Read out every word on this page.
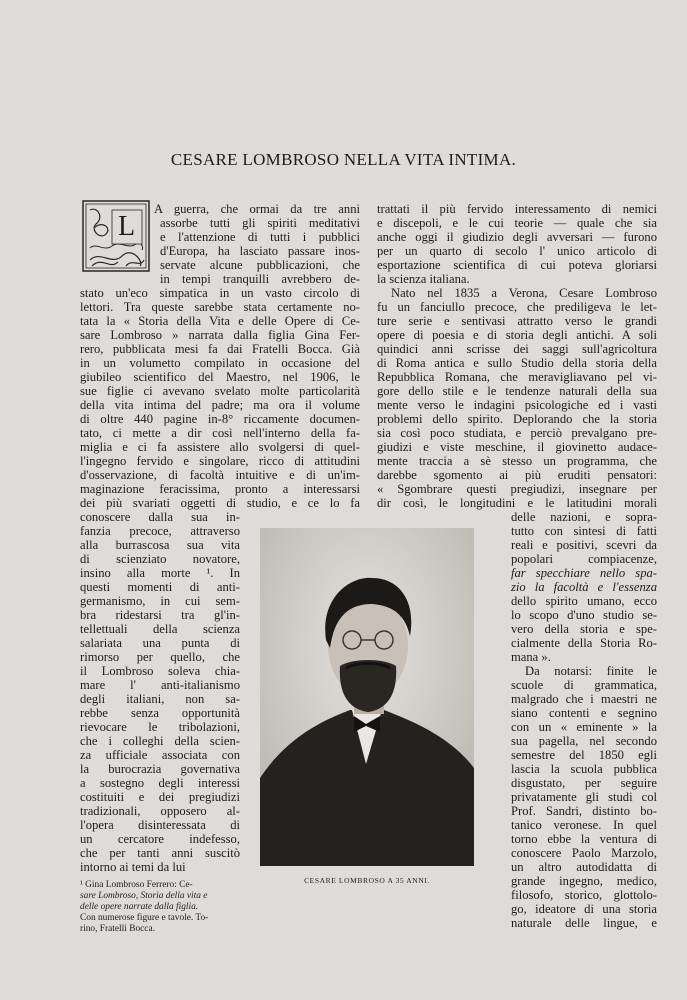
CESARE LOMBROSO NELLA VITA INTIMA.
L
A guerra, che ormai da tre anni
assorbe tutti gli spiriti meditativi
e l'attenzione di tutti i pubblici
d'Europa, ha lasciato passare inos-
servate alcune pubblicazioni, che
in tempi tranquilli avrebbero de-
stato un'eco simpatica in un vasto circolo di
lettori. Tra queste sarebbe stata certamente no-
tata la « Storia della Vita e delle Opere di Ce-
sare Lombroso » narrata dalla figlia Gina Fer-
rero, pubblicata mesi fa dai Fratelli Bocca. Già
in un volumetto compilato in occasione del
giubileo scientifico del Maestro, nel 1906, le
sue figlie ci avevano svelato molte particolarità
della vita intima del padre; ma ora il volume
di oltre 440 pagine in-8° riccamente documen-
tato, ci mette a dir così nell'interno della fa-
miglia e ci fa assistere allo svolgersi di quel-
l'ingegno fervido e singolare, ricco di attitudini
d'osservazione, di facoltà intuitive e di un'im-
maginazione feracissima, pronto a interessarsi
dei più svariati oggetti di studio, e ce lo fa
conoscere dalla sua in-
fanzia precoce, attraverso
alla burrascosa sua vita
di scienziato novatore,
insino alla morte ¹. In
questi momenti di anti-
germanismo, in cui sem-
bra ridestarsi tra gl'in-
tellettuali della scienza
salariata una punta di
rimorso per quello, che
il Lombroso soleva chia-
mare l' anti-italianismo
degli italiani, non sa-
rebbe senza opportunità
rievocare le tribolazioni,
che i colleghi della scien-
za ufficiale associata con
la burocrazia governativa
a sostegno degli interessi
costituiti e dei pregiudizi
tradizionali, opposero al-
l'opera disinteressata di
un cercatore indefesso,
che per tanti anni suscitò
intorno ai temi da lui
¹ Gina Lombroso Ferrero: Ce-
sare Lombroso, Storia della vita e
delle opere narrate dalla figlia.
Con numerose figure e tavole. To-
rino, Fratelli Bocca.
CESARE LOMBROSO A 35 ANNI.
trattati il più fervido interessamento di nemici
e discepoli, e le cui teorie — quale che sia
anche oggi il giudizio degli avversari — furono
per un quarto di secolo l' unico articolo di
esportazione scientifica di cui poteva gloriarsi
la scienza italiana.
Nato nel 1835 a Verona, Cesare Lombroso
fu un fanciullo precoce, che prediligeva le let-
ture serie e sentivasi attratto verso le grandi
opere di poesia e di storia degli antichi. A soli
quindici anni scrisse dei saggi sull'agricoltura
di Roma antica e sullo Studio della storia della
Repubblica Romana, che meravigliavano pel vi-
gore dello stile e le tendenze naturali della sua
mente verso le indagini psicologiche ed i vasti
problemi dello spirito. Deplorando che la storia
sia così poco studiata, e perciò prevalgano pre-
giudizi e viste meschine, il giovinetto audace-
mente traccia a sè stesso un programma, che
darebbe sgomento ai più eruditi pensatori:
« Sgombrare questi pregiudizi, insegnare per
dir così, le longitudini e le latitudini morali
delle nazioni, e sopra-
tutto con sintesi di fatti
reali e positivi, scevri da
popolari compiacenze,
far specchiare nello spa-
zio la facoltà e l'essenza
dello spirito umano, ecco
lo scopo d'uno studio se-
vero della storia e spe-
cialmente della Storia Ro-
mana ».
Da notarsi: finite le
scuole di grammatica,
malgrado che i maestri ne
siano contenti e segnino
con un « eminente » la
sua pagella, nel secondo
semestre del 1850 egli
lascia la scuola pubblica
disgustato, per seguire
privatamente gli studi col
Prof. Sandri, distinto bo-
tanico veronese. In quel
torno ebbe la ventura di
conoscere Paolo Marzolo,
un altro autodidatta di
grande ingegno, medico,
filosofo, storico, glottolo-
go, ideatore di una storia
naturale delle lingue, e
